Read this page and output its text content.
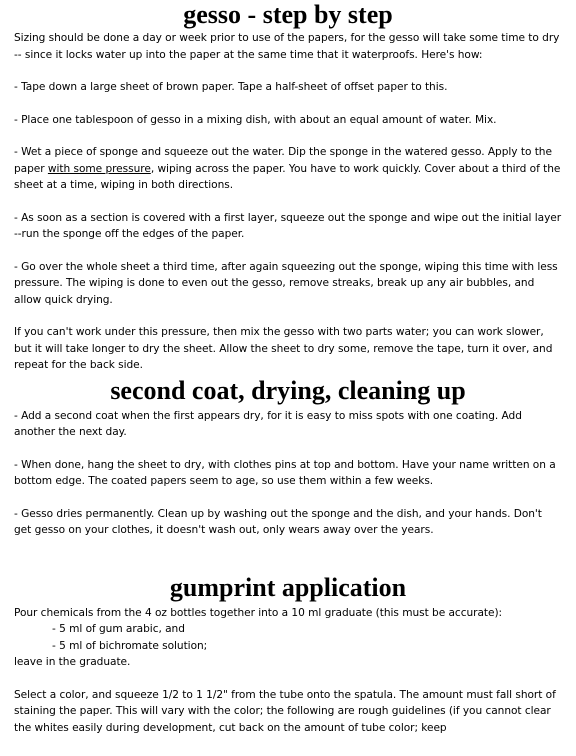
gesso - step by step

Sizing should be done a day or week prior to use of the papers, for the gesso will take some time to dry -- since it locks water up into the paper at the same time that it waterproofs. Here's how:

- Tape down a large sheet of brown paper. Tape a half-sheet of offset paper to this.

- Place one tablespoon of gesso in a mixing dish, with about an equal amount of water. Mix.

- Wet a piece of sponge and squeeze out the water. Dip the sponge in the watered gesso. Apply to the paper with some pressure, wiping across the paper. You have to work quickly. Cover about a third of the sheet at a time, wiping in both directions.

- As soon as a section is covered with a first layer, squeeze out the sponge and wipe out the initial layer --run the sponge off the edges of the paper.

- Go over the whole sheet a third time, after again squeezing out the sponge, wiping this time with less pressure. The wiping is done to even out the gesso, remove streaks, break up any air bubbles, and allow quick drying.

If you can't work under this pressure, then mix the gesso with two parts water; you can work slower, but it will take longer to dry the sheet. Allow the sheet to dry some, remove the tape, turn it over, and repeat for the back side.

second coat, drying, cleaning up

- Add a second coat when the first appears dry, for it is easy to miss spots with one coating. Add another the next day.

- When done, hang the sheet to dry, with clothes pins at top and bottom. Have your name written on a bottom edge. The coated papers seem to age, so use them within a few weeks.

- Gesso dries permanently. Clean up by washing out the sponge and the dish, and your hands. Don't get gesso on your clothes, it doesn't wash out, only wears away over the years.

gumprint application

Pour chemicals from the 4 oz bottles together into a 10 ml graduate (this must be accurate):

- 5 ml of gum arabic, and

- 5 ml of bichromate solution;

leave in the graduate.

Select a color, and squeeze 1/2 to 1 1/2" from the tube onto the spatula. The amount must fall short of staining the paper. This will vary with the color; the following are rough guidelines (if you cannot clear the whites easily during development, cut back on the amount of tube color; keep
